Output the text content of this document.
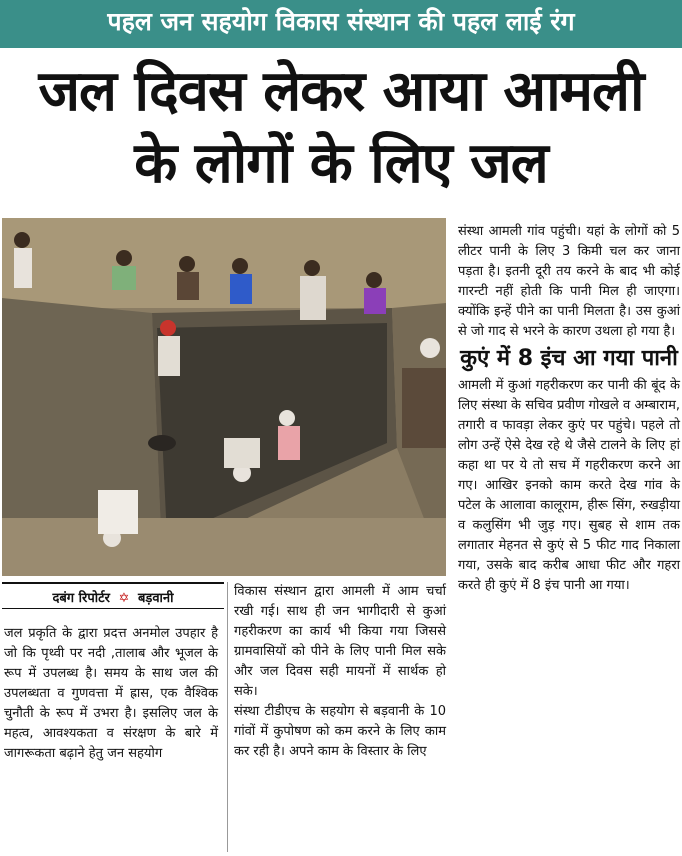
पहल जन सहयोग विकास संस्थान की पहल लाई रंग
जल दिवस लेकर आया आमली
के लोगों के लिए जल
दबंग रिपोर्टर ✡ बड़वानी

जल प्रकृति के द्वारा प्रदत्त अनमोल उपहार है जो कि पृथ्वी पर नदी ,तालाब और भूजल के रूप में उपलब्ध है। समय के साथ जल की उपलब्धता व गुणवत्ता में ह्रास, एक वैश्विक चुनौती के रूप में उभरा है। इसलिए जल के महत्व, आवश्यकता व संरक्षण के बारे में जागरूकता बढ़ाने हेतु जन सहयोग

विकास संस्थान द्वारा आमली में आम चर्चा रखी गई। साथ ही जन भागीदारी से कुआं गहरीकरण का कार्य भी किया गया जिससे ग्रामवासियों को पीने के लिए पानी मिल सके और जल दिवस सही मायनों में सार्थक हो सके।

संस्था टीडीएच के सहयोग से बड़वानी के 10 गांवों में कुपोषण को कम करने के लिए काम कर रही है। अपने काम के विस्तार के लिए

संस्था आमली गांव पहुंची। यहां के लोगों को 5 लीटर पानी के लिए 3 किमी चल कर जाना पड़ता है। इतनी दूरी तय करने के बाद भी कोई गारन्टी नहीं होती कि पानी मिल ही जाएगा। क्योंकि इन्हें पीने का पानी मिलता है। उस कुआं से जो गाद से भरने के कारण उथला हो गया है।

कुएं में 8 इंच आ गया पानी

आमली में कुआं गहरीकरण कर पानी की बूंद के लिए संस्था के सचिव प्रवीण गोखले व अम्बाराम, तगारी व फावड़ा लेकर कुएं पर पहुंचे। पहले तो लोग उन्हें ऐसे देख रहे थे जैसे टालने के लिए हां कहा था पर ये तो सच में गहरीकरण करने आ गए। आखिर इनको काम करते देख गांव के पटेल के आलावा कालूराम, हीरू सिंग, रुखड़ीया व कलुसिंग भी जुड़ गए। सुबह से शाम तक लगातार मेहनत से कुएं से 5 फीट गाद निकाला गया, उसके बाद करीब आधा फीट और गहरा करते ही कुएं में 8 इंच पानी आ गया।
